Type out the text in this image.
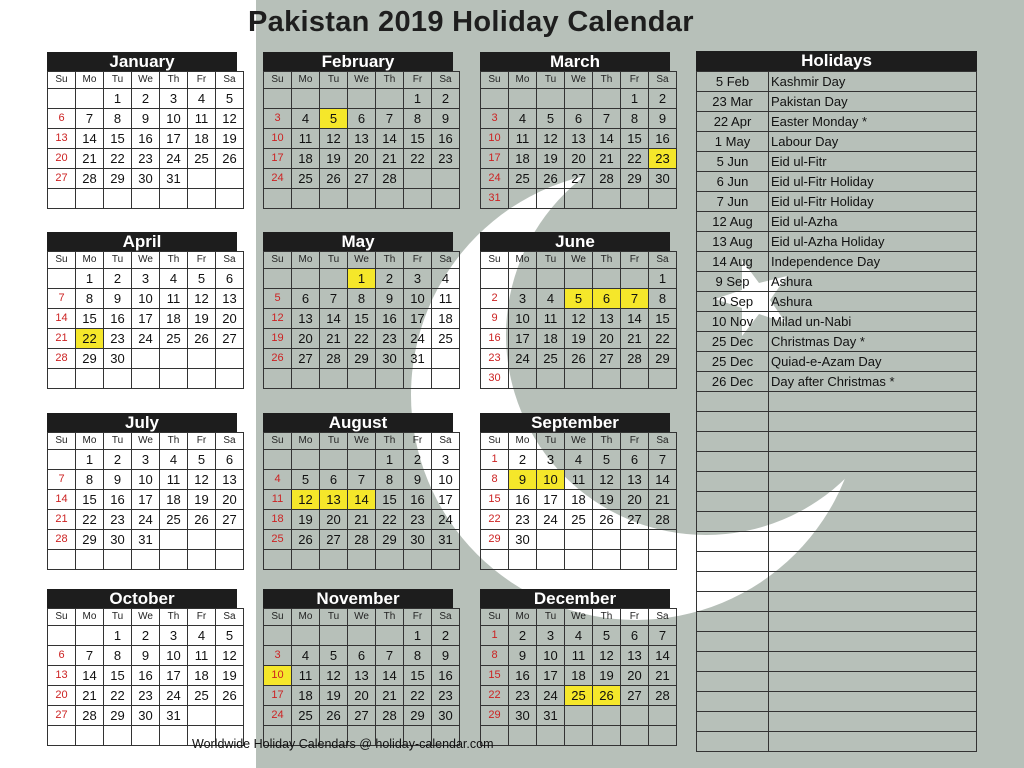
Pakistan 2019 Holiday Calendar
January
Su	Mo	Tu	We	Th	Fr	Sa
		1	2	3	4	5
6	7	8	9	10	11	12
13	14	15	16	17	18	19
20	21	22	23	24	25	26
27	28	29	30	31		

February
Su	Mo	Tu	We	Th	Fr	Sa
					1	2
3	4	5	6	7	8	9
10	11	12	13	14	15	16
17	18	19	20	21	22	23
24	25	26	27	28		

March
Su	Mo	Tu	We	Th	Fr	Sa
					1	2
3	4	5	6	7	8	9
10	11	12	13	14	15	16
17	18	19	20	21	22	23
24	25	26	27	28	29	30
31						
April
Su	Mo	Tu	We	Th	Fr	Sa
	1	2	3	4	5	6
7	8	9	10	11	12	13
14	15	16	17	18	19	20
21	22	23	24	25	26	27
28	29	30				

May
Su	Mo	Tu	We	Th	Fr	Sa
			1	2	3	4
5	6	7	8	9	10	11
12	13	14	15	16	17	18
19	20	21	22	23	24	25
26	27	28	29	30	31	

June
Su	Mo	Tu	We	Th	Fr	Sa
						1
2	3	4	5	6	7	8
9	10	11	12	13	14	15
16	17	18	19	20	21	22
23	24	25	26	27	28	29
30						
July
Su	Mo	Tu	We	Th	Fr	Sa
	1	2	3	4	5	6
7	8	9	10	11	12	13
14	15	16	17	18	19	20
21	22	23	24	25	26	27
28	29	30	31			

August
Su	Mo	Tu	We	Th	Fr	Sa
				1	2	3
4	5	6	7	8	9	10
11	12	13	14	15	16	17
18	19	20	21	22	23	24
25	26	27	28	29	30	31

September
Su	Mo	Tu	We	Th	Fr	Sa
1	2	3	4	5	6	7
8	9	10	11	12	13	14
15	16	17	18	19	20	21
22	23	24	25	26	27	28
29	30					

October
Su	Mo	Tu	We	Th	Fr	Sa
		1	2	3	4	5
6	7	8	9	10	11	12
13	14	15	16	17	18	19
20	21	22	23	24	25	26
27	28	29	30	31		

November
Su	Mo	Tu	We	Th	Fr	Sa
					1	2
3	4	5	6	7	8	9
10	11	12	13	14	15	16
17	18	19	20	21	22	23
24	25	26	27	28	29	30

December
Su	Mo	Tu	We	Th	Fr	Sa
1	2	3	4	5	6	7
8	9	10	11	12	13	14
15	16	17	18	19	20	21
22	23	24	25	26	27	28
29	30	31				

Holidays
5 Feb	Kashmir Day
23 Mar	Pakistan Day
22 Apr	Easter Monday *
1 May	Labour Day
5 Jun	Eid ul-Fitr
6 Jun	Eid ul-Fitr Holiday
7 Jun	Eid ul-Fitr Holiday
12 Aug	Eid ul-Azha
13 Aug	Eid ul-Azha Holiday
14 Aug	Independence Day
9 Sep	Ashura
10 Sep	Ashura
10 Nov	Milad un-Nabi
25 Dec	Christmas Day *
25 Dec	Quiad-e-Azam Day
26 Dec	Day after Christmas *

Worldwide Holiday Calendars @ holiday-calendar.com
